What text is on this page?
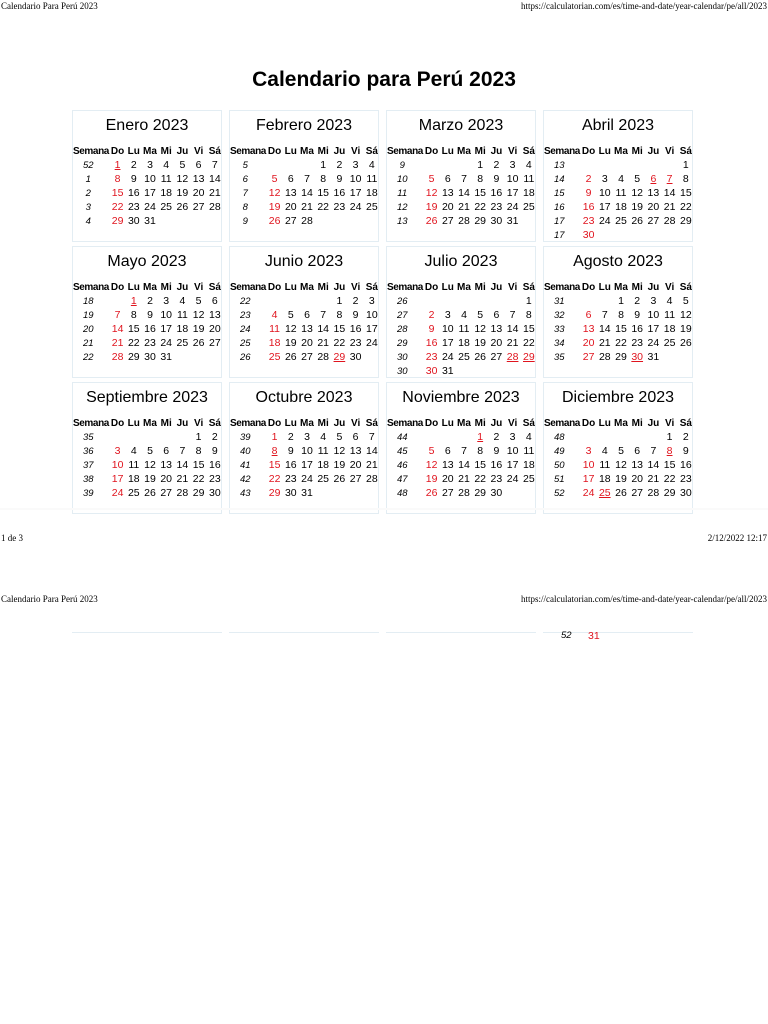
Calendario Para Perú 2023	https://calculatorian.com/es/time-and-date/year-calendar/pe/all/2023
Calendario para Perú 2023
Enero 2023
Semana	Do	Lu	Ma	Mi	Ju	Vi	Sá
52	1	2	3	4	5	6	7
1	8	9	10	11	12	13	14
2	15	16	17	18	19	20	21
3	22	23	24	25	26	27	28
4	29	30	31				
Febrero 2023
Semana	Do	Lu	Ma	Mi	Ju	Vi	Sá
5				1	2	3	4
6	5	6	7	8	9	10	11
7	12	13	14	15	16	17	18
8	19	20	21	22	23	24	25
9	26	27	28				
Marzo 2023
Semana	Do	Lu	Ma	Mi	Ju	Vi	Sá
9				1	2	3	4
10	5	6	7	8	9	10	11
11	12	13	14	15	16	17	18
12	19	20	21	22	23	24	25
13	26	27	28	29	30	31	
Abril 2023
Semana	Do	Lu	Ma	Mi	Ju	Vi	Sá
13							1
14	2	3	4	5	6	7	8
15	9	10	11	12	13	14	15
16	16	17	18	19	20	21	22
17	23	24	25	26	27	28	29
17	30						
Mayo 2023
Semana	Do	Lu	Ma	Mi	Ju	Vi	Sá
18		1	2	3	4	5	6
19	7	8	9	10	11	12	13
20	14	15	16	17	18	19	20
21	21	22	23	24	25	26	27
22	28	29	30	31			
Junio 2023
Semana	Do	Lu	Ma	Mi	Ju	Vi	Sá
22					1	2	3
23	4	5	6	7	8	9	10
24	11	12	13	14	15	16	17
25	18	19	20	21	22	23	24
26	25	26	27	28	29	30	
Julio 2023
Semana	Do	Lu	Ma	Mi	Ju	Vi	Sá
26							1
27	2	3	4	5	6	7	8
28	9	10	11	12	13	14	15
29	16	17	18	19	20	21	22
30	23	24	25	26	27	28	29
30	30	31					
Agosto 2023
Semana	Do	Lu	Ma	Mi	Ju	Vi	Sá
31			1	2	3	4	5
32	6	7	8	9	10	11	12
33	13	14	15	16	17	18	19
34	20	21	22	23	24	25	26
35	27	28	29	30	31		
Septiembre 2023
Semana	Do	Lu	Ma	Mi	Ju	Vi	Sá
35						1	2
36	3	4	5	6	7	8	9
37	10	11	12	13	14	15	16
38	17	18	19	20	21	22	23
39	24	25	26	27	28	29	30
Octubre 2023
Semana	Do	Lu	Ma	Mi	Ju	Vi	Sá
39	1	2	3	4	5	6	7
40	8	9	10	11	12	13	14
41	15	16	17	18	19	20	21
42	22	23	24	25	26	27	28
43	29	30	31				
Noviembre 2023
Semana	Do	Lu	Ma	Mi	Ju	Vi	Sá
44				1	2	3	4
45	5	6	7	8	9	10	11
46	12	13	14	15	16	17	18
47	19	20	21	22	23	24	25
48	26	27	28	29	30		
Diciembre 2023
Semana	Do	Lu	Ma	Mi	Ju	Vi	Sá
48						1	2
49	3	4	5	6	7	8	9
50	10	11	12	13	14	15	16
51	17	18	19	20	21	22	23
52	24	25	26	27	28	29	30
1 de 3	2/12/2022 12:17
Calendario Para Perú 2023	https://calculatorian.com/es/time-and-date/year-calendar/pe/all/2023
52 31
